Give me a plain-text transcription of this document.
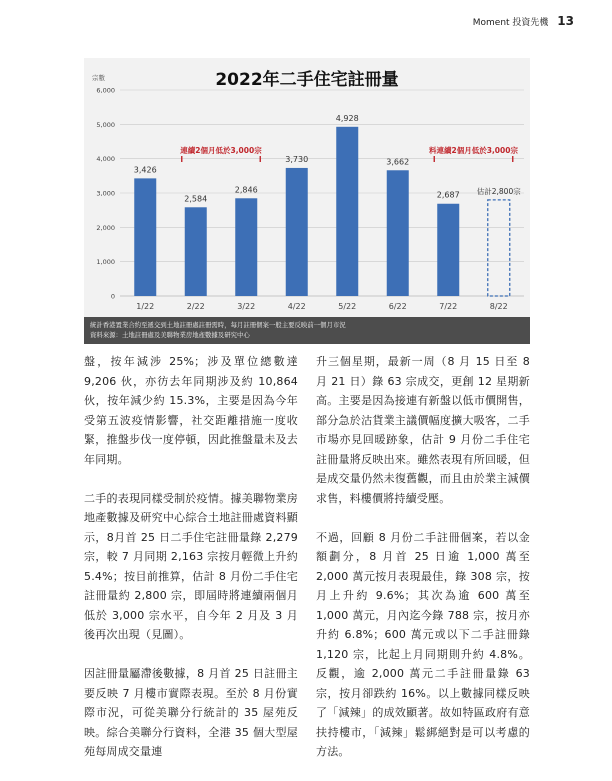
Moment 投資先機 13
2022年二手住宅註冊量
宗數
0
1,000
2,000
3,000
4,000
5,000
6,000
3,426
1/22
2,584
2/22
2,846
3/22
3,730
4/22
4,928
5/22
3,662
6/22
2,687
7/22
估計2,800宗
8/22
連續2個月低於3,000宗	料連續2個月低於3,000宗
統計香港置業合約至遞交到土地註冊處註冊需時，每月註冊個案一般主要反映前一個月市況
資料來源：土地註冊處及美聯物業房地產數據及研究中心

盤，按年減涉 25%；涉及單位總數達 9,206 伙，亦彷去年同期涉及約 10,864 伙，按年減少約 15.3%，主要是因為今年受第五波疫情影響，社交距離措施一度收緊，推盤步伐一度停頓，因此推盤量未及去年同期。

二手的表現同樣受制於疫情。據美聯物業房地產數據及研究中心綜合土地註冊處資料顯示，8月首 25 日二手住宅註冊量錄 2,279 宗，較 7 月同期 2,163 宗按月輕微上升約 5.4%；按目前推算，估計 8 月份二手住宅註冊量約 2,800 宗，即屆時將連續兩個月低於 3,000 宗水平，自今年 2 月及 3 月後再次出現（見圖）。

因註冊量屬滯後數據，8 月首 25 日註冊主要反映 7 月樓市實際表現。至於 8 月份實際市況，可從美聯分行統計的 35 屋苑反映。綜合美聯分行資料，全港 35 個大型屋苑每周成交量連

升三個星期，最新一周（8 月 15 日至 8 月 21 日）錄 63 宗成交，更創 12 星期新高。主要是因為接連有新盤以低市價開售，部分急於沽貨業主議價幅度擴大吸客，二手市場亦見回暖跡象，估計 9 月份二手住宅註冊量將反映出來。雖然表現有所回暖，但是成交量仍然未復舊觀，而且由於業主減價求售，料樓價將持續受壓。

不過，回顧 8 月份二手註冊個案，若以金額劃分，8 月首 25 日逾 1,000 萬至 2,000 萬元按月表現最佳，錄 308 宗，按月上升約 9.6%；其次為逾 600 萬至 1,000 萬元，月內迄今錄 788 宗，按月亦升約 6.8%；600 萬元或以下二手註冊錄 1,120 宗，比起上月同期則升約 4.8%。反觀，逾 2,000 萬元二手註冊量錄 63 宗，按月卻跌約 16%。以上數據同樣反映了「減辣」的成效顯著。故如特區政府有意扶持樓市，「減辣」鬆綁絕對是可以考慮的方法。
